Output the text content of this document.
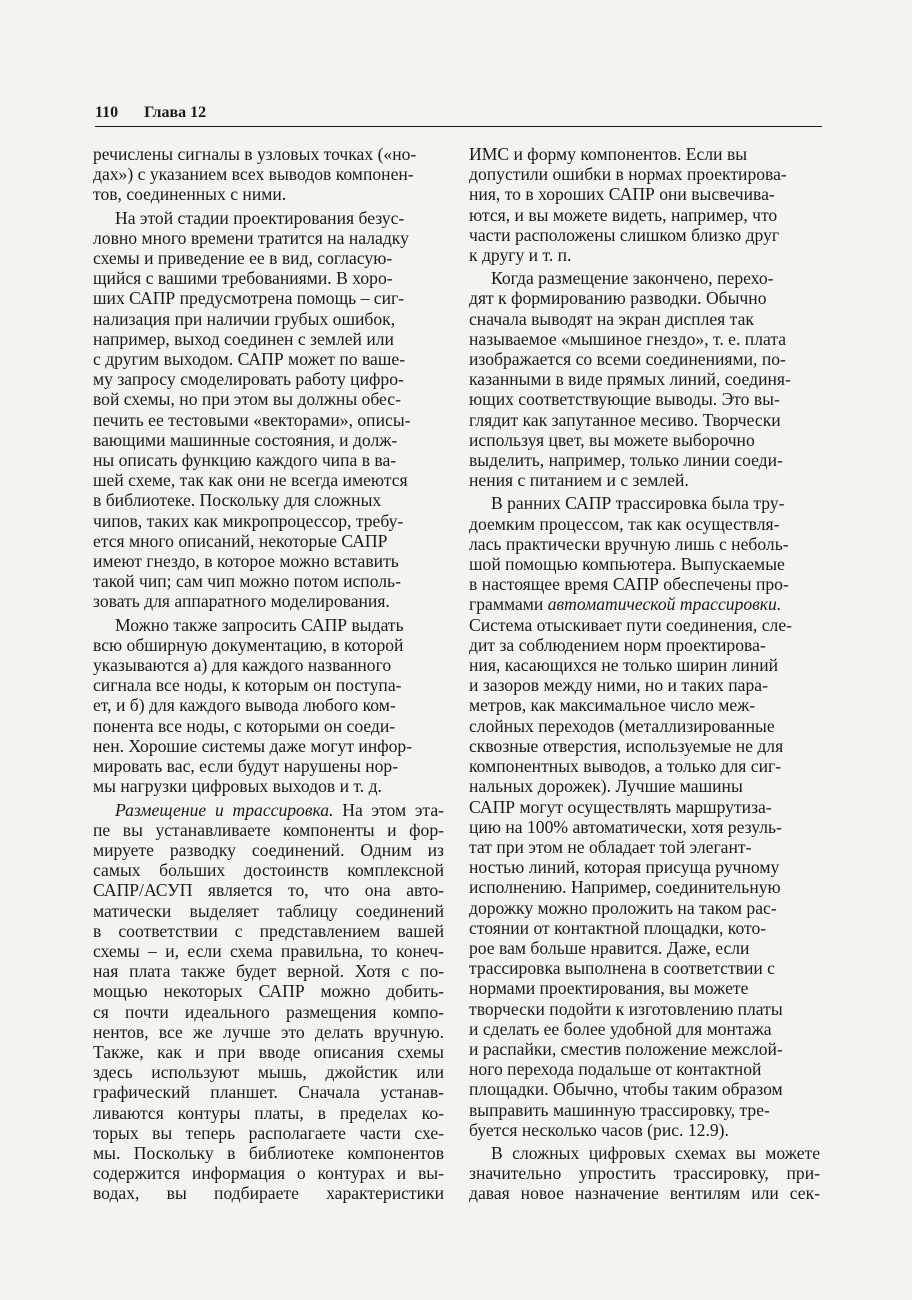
110 Глава 12

речислены сигналы в узловых точках («но-
дах») с указанием всех выводов компонен-
тов, соединенных с ними.

На этой стадии проектирования безус-
ловно много времени тратится на наладку
схемы и приведение ее в вид, согласую-
щийся с вашими требованиями. В хоро-
ших САПР предусмотрена помощь – сиг-
нализация при наличии грубых ошибок,
например, выход соединен с землей или
с другим выходом. САПР может по ваше-
му запросу смоделировать работу цифро-
вой схемы, но при этом вы должны обес-
печить ее тестовыми «векторами», описы-
вающими машинные состояния, и долж-
ны описать функцию каждого чипа в ва-
шей схеме, так как они не всегда имеются
в библиотеке. Поскольку для сложных
чипов, таких как микропроцессор, требу-
ется много описаний, некоторые САПР
имеют гнездо, в которое можно вставить
такой чип; сам чип можно потом исполь-
зовать для аппаратного моделирования.

Можно также запросить САПР выдать
всю обширную документацию, в которой
указываются а) для каждого названного
сигнала все ноды, к которым он поступа-
ет, и б) для каждого вывода любого ком-
понента все ноды, с которыми он соеди-
нен. Хорошие системы даже могут инфор-
мировать вас, если будут нарушены нор-
мы нагрузки цифровых выходов и т. д.

Размещение и трассировка. На этом эта-
пе вы устанавливаете компоненты и фор-
мируете разводку соединений. Одним из
самых больших достоинств комплексной
САПР/АСУП является то, что она авто-
матически выделяет таблицу соединений
в соответствии с представлением вашей
схемы – и, если схема правильна, то конеч-
ная плата также будет верной. Хотя с по-
мощью некоторых САПР можно добить-
ся почти идеального размещения компо-
нентов, все же лучше это делать вручную.
Также, как и при вводе описания схемы
здесь используют мышь, джойстик или
графический планшет. Сначала устанав-
ливаются контуры платы, в пределах ко-
торых вы теперь располагаете части схе-
мы. Поскольку в библиотеке компонентов
содержится информация о контурах и вы-
водах, вы подбираете характеристики

ИМС и форму компонентов. Если вы
допустили ошибки в нормах проектирова-
ния, то в хороших САПР они высвечива-
ются, и вы можете видеть, например, что
части расположены слишком близко друг
к другу и т. п.

Когда размещение закончено, перехо-
дят к формированию разводки. Обычно
сначала выводят на экран дисплея так
называемое «мышиное гнездо», т. е. плата
изображается со всеми соединениями, по-
казанными в виде прямых линий, соединя-
ющих соответствующие выводы. Это вы-
глядит как запутанное месиво. Творчески
используя цвет, вы можете выборочно
выделить, например, только линии соеди-
нения с питанием и с землей.

В ранних САПР трассировка была тру-
доемким процессом, так как осуществля-
лась практически вручную лишь с неболь-
шой помощью компьютера. Выпускаемые
в настоящее время САПР обеспечены про-
граммами автоматической трассировки.
Система отыскивает пути соединения, сле-
дит за соблюдением норм проектирова-
ния, касающихся не только ширин линий
и зазоров между ними, но и таких пара-
метров, как максимальное число меж-
слойных переходов (металлизированные
сквозные отверстия, используемые не для
компонентных выводов, а только для сиг-
нальных дорожек). Лучшие машины
САПР могут осуществлять маршрутиза-
цию на 100% автоматически, хотя резуль-
тат при этом не обладает той элегант-
ностью линий, которая присуща ручному
исполнению. Например, соединительную
дорожку можно проложить на таком рас-
стоянии от контактной площадки, кото-
рое вам больше нравится. Даже, если
трассировка выполнена в соответствии с
нормами проектирования, вы можете
творчески подойти к изготовлению платы
и сделать ее более удобной для монтажа
и распайки, сместив положение межслой-
ного перехода подальше от контактной
площадки. Обычно, чтобы таким образом
выправить машинную трассировку, тре-
буется несколько часов (рис. 12.9).

В сложных цифровых схемах вы можете
значительно упростить трассировку, при-
давая новое назначение вентилям или сек-
